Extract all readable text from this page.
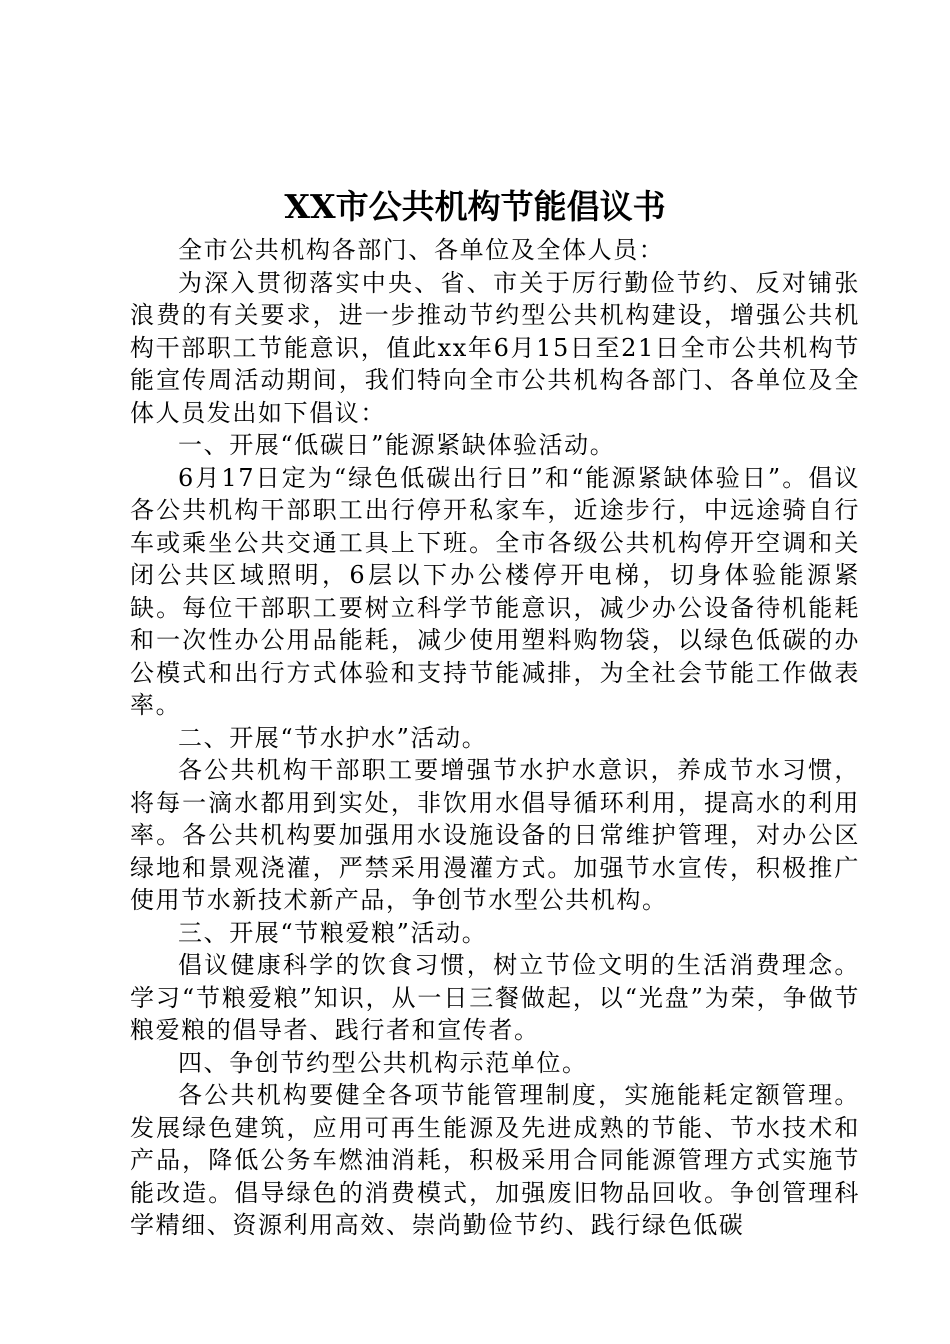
XX市公共机构节能倡议书

全市公共机构各部门、各单位及全体人员：

为深入贯彻落实中央、省、市关于厉行勤俭节约、反对铺张浪费的有关要求，进一步推动节约型公共机构建设，增强公共机构干部职工节能意识，值此xx年6月15日至21日全市公共机构节能宣传周活动期间，我们特向全市公共机构各部门、各单位及全体人员发出如下倡议：

一、开展“低碳日”能源紧缺体验活动。

6月17日定为“绿色低碳出行日”和“能源紧缺体验日”。倡议各公共机构干部职工出行停开私家车，近途步行，中远途骑自行车或乘坐公共交通工具上下班。全市各级公共机构停开空调和关闭公共区域照明，6层以下办公楼停开电梯，切身体验能源紧缺。每位干部职工要树立科学节能意识，减少办公设备待机能耗和一次性办公用品能耗，减少使用塑料购物袋，以绿色低碳的办公模式和出行方式体验和支持节能减排，为全社会节能工作做表率。

二、开展“节水护水”活动。

各公共机构干部职工要增强节水护水意识，养成节水习惯，将每一滴水都用到实处，非饮用水倡导循环利用，提高水的利用率。各公共机构要加强用水设施设备的日常维护管理，对办公区绿地和景观浇灌，严禁采用漫灌方式。加强节水宣传，积极推广使用节水新技术新产品，争创节水型公共机构。

三、开展“节粮爱粮”活动。

倡议健康科学的饮食习惯，树立节俭文明的生活消费理念。学习“节粮爱粮”知识，从一日三餐做起，以“光盘”为荣，争做节粮爱粮的倡导者、践行者和宣传者。

四、争创节约型公共机构示范单位。

各公共机构要健全各项节能管理制度，实施能耗定额管理。发展绿色建筑，应用可再生能源及先进成熟的节能、节水技术和产品，降低公务车燃油消耗，积极采用合同能源管理方式实施节能改造。倡导绿色的消费模式，加强废旧物品回收。争创管理科学精细、资源利用高效、崇尚勤俭节约、践行绿色低碳
